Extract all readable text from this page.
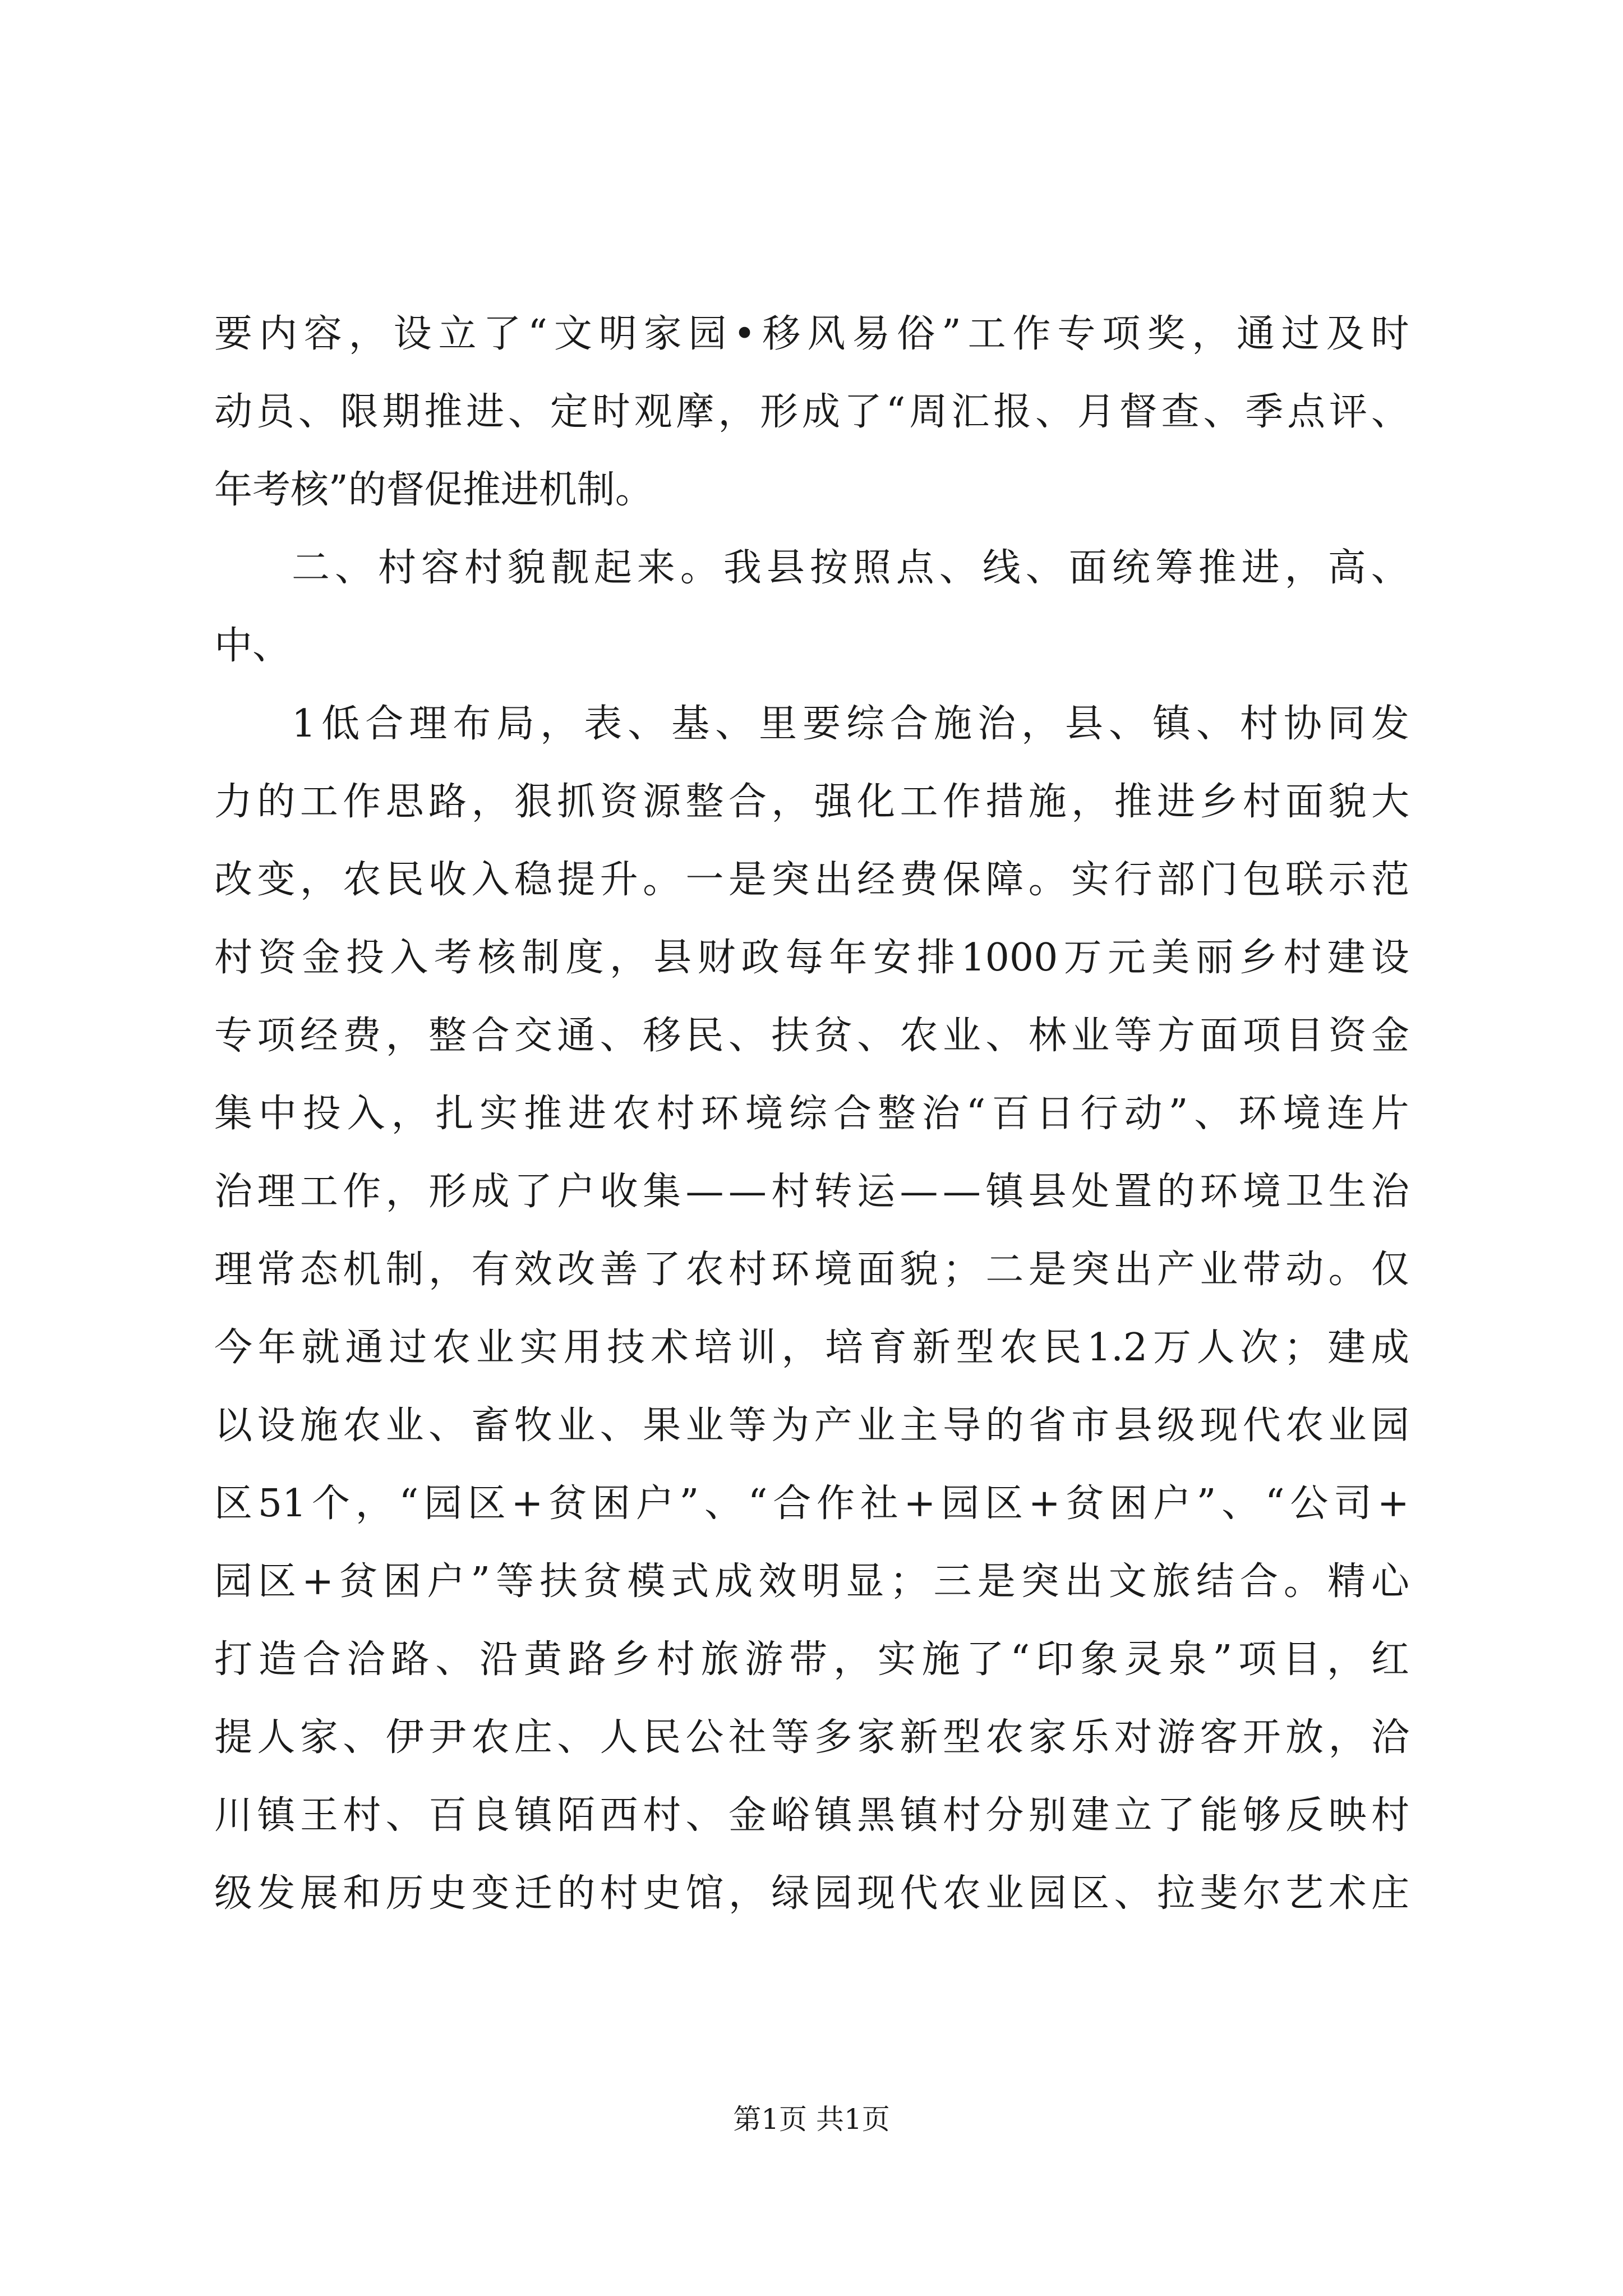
要 内 容 ， 设 立 了 “ 文 明 家 园 • 移 风 易 俗 ” 工 作 专 项 奖 ， 通 过 及 时
动 员 、 限 期 推 进 、 定 时 观 摩 ， 形 成 了 “ 周 汇 报 、 月 督 查 、 季 点 评 、
年考核”的督促推进机制。
二 、 村 容 村 貌 靓 起 来 。 我 县 按 照 点 、 线 、 面 统 筹 推 进 ， 高 、
中、
1 低 合 理 布 局 ， 表 、 基 、 里 要 综 合 施 治 ， 县 、 镇 、 村 协 同 发
力 的 工 作 思 路 ， 狠 抓 资 源 整 合 ， 强 化 工 作 措 施 ， 推 进 乡 村 面 貌 大
改 变 ， 农 民 收 入 稳 提 升 。 一 是 突 出 经 费 保 障 。 实 行 部 门 包 联 示 范
村 资 金 投 入 考 核 制 度 ， 县 财 政 每 年 安 排 1000 万 元 美 丽 乡 村 建 设
专 项 经 费 ， 整 合 交 通 、 移 民 、 扶 贫 、 农 业 、 林 业 等 方 面 项 目 资 金
集 中 投 入 ， 扎 实 推 进 农 村 环 境 综 合 整 治 “ 百 日 行 动 ” 、 环 境 连 片
治 理 工 作 ， 形 成 了 户 收 集 — — 村 转 运 — — 镇 县 处 置 的 环 境 卫 生 治
理 常 态 机 制 ， 有 效 改 善 了 农 村 环 境 面 貌 ； 二 是 突 出 产 业 带 动 。 仅
今 年 就 通 过 农 业 实 用 技 术 培 训 ， 培 育 新 型 农 民 1.2 万 人 次 ； 建 成
以 设 施 农 业 、 畜 牧 业 、 果 业 等 为 产 业 主 导 的 省 市 县 级 现 代 农 业 园
区 51 个 ， “ 园 区 + 贫 困 户 ” 、 “ 合 作 社 + 园 区 + 贫 困 户 ” 、 “ 公 司 +
园 区 + 贫 困 户 ” 等 扶 贫 模 式 成 效 明 显 ； 三 是 突 出 文 旅 结 合 。 精 心
打 造 合 洽 路 、 沿 黄 路 乡 村 旅 游 带 ， 实 施 了 “ 印 象 灵 泉 ” 项 目 ， 红
提 人 家 、 伊 尹 农 庄 、 人 民 公 社 等 多 家 新 型 农 家 乐 对 游 客 开 放 ， 洽
川 镇 王 村 、 百 良 镇 陌 西 村 、 金 峪 镇 黑 镇 村 分 别 建 立 了 能 够 反 映 村
级 发 展 和 历 史 变 迁 的 村 史 馆 ， 绿 园 现 代 农 业 园 区 、 拉 斐 尔 艺 术 庄
第1页 共1页
